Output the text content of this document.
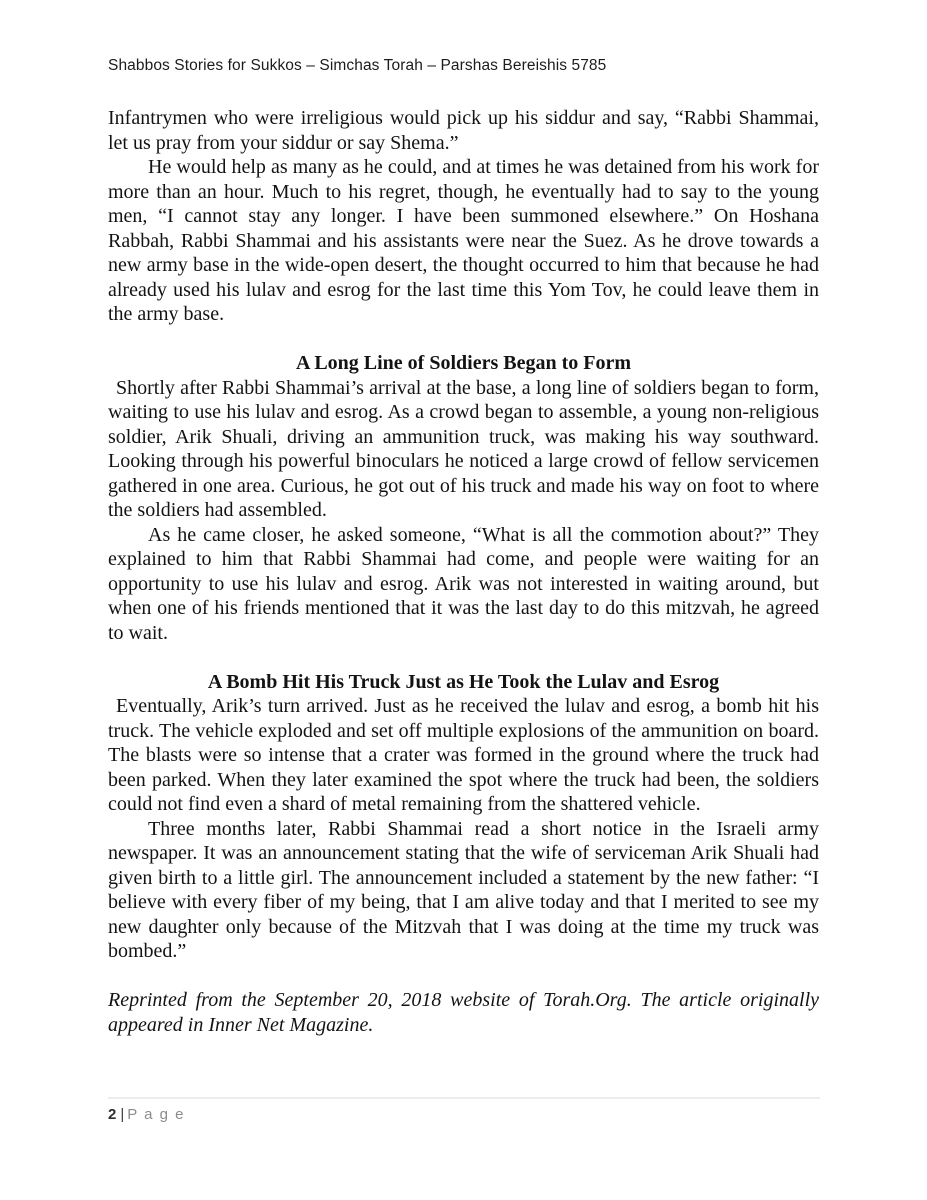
Shabbos Stories for Sukkos – Simchas Torah – Parshas Bereishis 5785

Infantrymen who were irreligious would pick up his siddur and say, “Rabbi Shammai, let us pray from your siddur or say Shema.”

He would help as many as he could, and at times he was detained from his work for more than an hour. Much to his regret, though, he eventually had to say to the young men, “I cannot stay any longer. I have been summoned elsewhere.” On Hoshana Rabbah, Rabbi Shammai and his assistants were near the Suez. As he drove towards a new army base in the wide-open desert, the thought occurred to him that because he had already used his lulav and esrog for the last time this Yom Tov, he could leave them in the army base.

A Long Line of Soldiers Began to Form

Shortly after Rabbi Shammai’s arrival at the base, a long line of soldiers began to form, waiting to use his lulav and esrog. As a crowd began to assemble, a young non-religious soldier, Arik Shuali, driving an ammunition truck, was making his way southward. Looking through his powerful binoculars he noticed a large crowd of fellow servicemen gathered in one area. Curious, he got out of his truck and made his way on foot to where the soldiers had assembled.

As he came closer, he asked someone, “What is all the commotion about?” They explained to him that Rabbi Shammai had come, and people were waiting for an opportunity to use his lulav and esrog. Arik was not interested in waiting around, but when one of his friends mentioned that it was the last day to do this mitzvah, he agreed to wait.

A Bomb Hit His Truck Just as He Took the Lulav and Esrog

Eventually, Arik’s turn arrived. Just as he received the lulav and esrog, a bomb hit his truck. The vehicle exploded and set off multiple explosions of the ammunition on board. The blasts were so intense that a crater was formed in the ground where the truck had been parked. When they later examined the spot where the truck had been, the soldiers could not find even a shard of metal remaining from the shattered vehicle.

Three months later, Rabbi Shammai read a short notice in the Israeli army newspaper. It was an announcement stating that the wife of serviceman Arik Shuali had given birth to a little girl. The announcement included a statement by the new father: “I believe with every fiber of my being, that I am alive today and that I merited to see my new daughter only because of the Mitzvah that I was doing at the time my truck was bombed.”

Reprinted from the September 20, 2018 website of Torah.Org. The article originally appeared in Inner Net Magazine.

2 | P a g e
